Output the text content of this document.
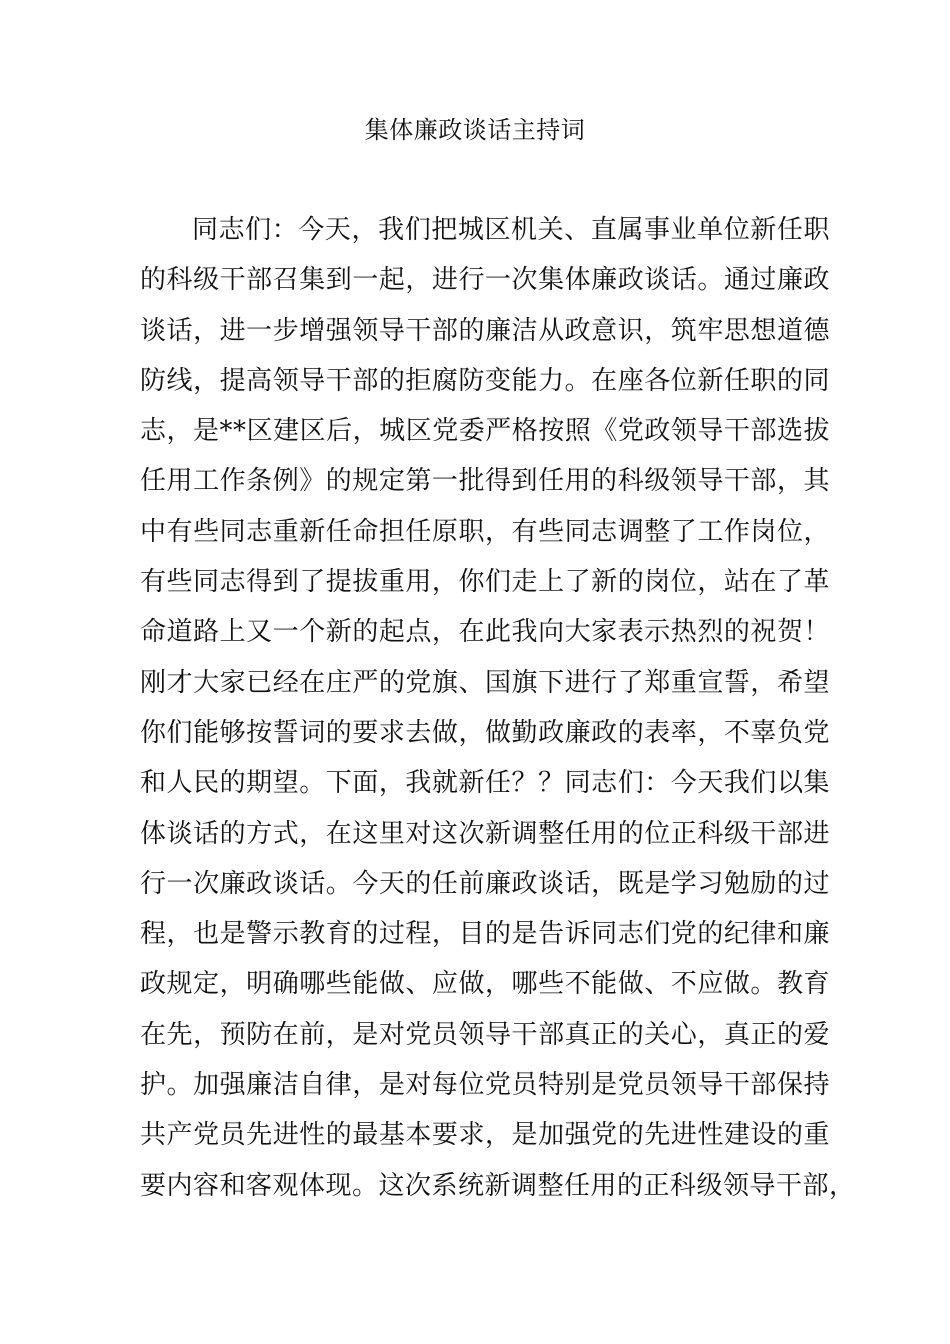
集体廉政谈话主持词
同志们：今天，我们把城区机关、直属事业单位新任职
的科级干部召集到一起，进行一次集体廉政谈话。通过廉政
谈话，进一步增强领导干部的廉洁从政意识，筑牢思想道德
防线，提高领导干部的拒腐防变能力。在座各位新任职的同
志，是**区建区后，城区党委严格按照《党政领导干部选拔
任用工作条例》的规定第一批得到任用的科级领导干部，其
中有些同志重新任命担任原职，有些同志调整了工作岗位，
有些同志得到了提拔重用，你们走上了新的岗位，站在了革
命道路上又一个新的起点，在此我向大家表示热烈的祝贺！
刚才大家已经在庄严的党旗、国旗下进行了郑重宣誓，希望
你们能够按誓词的要求去做，做勤政廉政的表率，不辜负党
和人民的期望。下面，我就新任？？同志们：今天我们以集
体谈话的方式，在这里对这次新调整任用的位正科级干部进
行一次廉政谈话。今天的任前廉政谈话，既是学习勉励的过
程，也是警示教育的过程，目的是告诉同志们党的纪律和廉
政规定，明确哪些能做、应做，哪些不能做、不应做。教育
在先，预防在前，是对党员领导干部真正的关心，真正的爱
护。加强廉洁自律，是对每位党员特别是党员领导干部保持
共产党员先进性的最基本要求，是加强党的先进性建设的重
要内容和客观体现。这次系统新调整任用的正科级领导干部，
